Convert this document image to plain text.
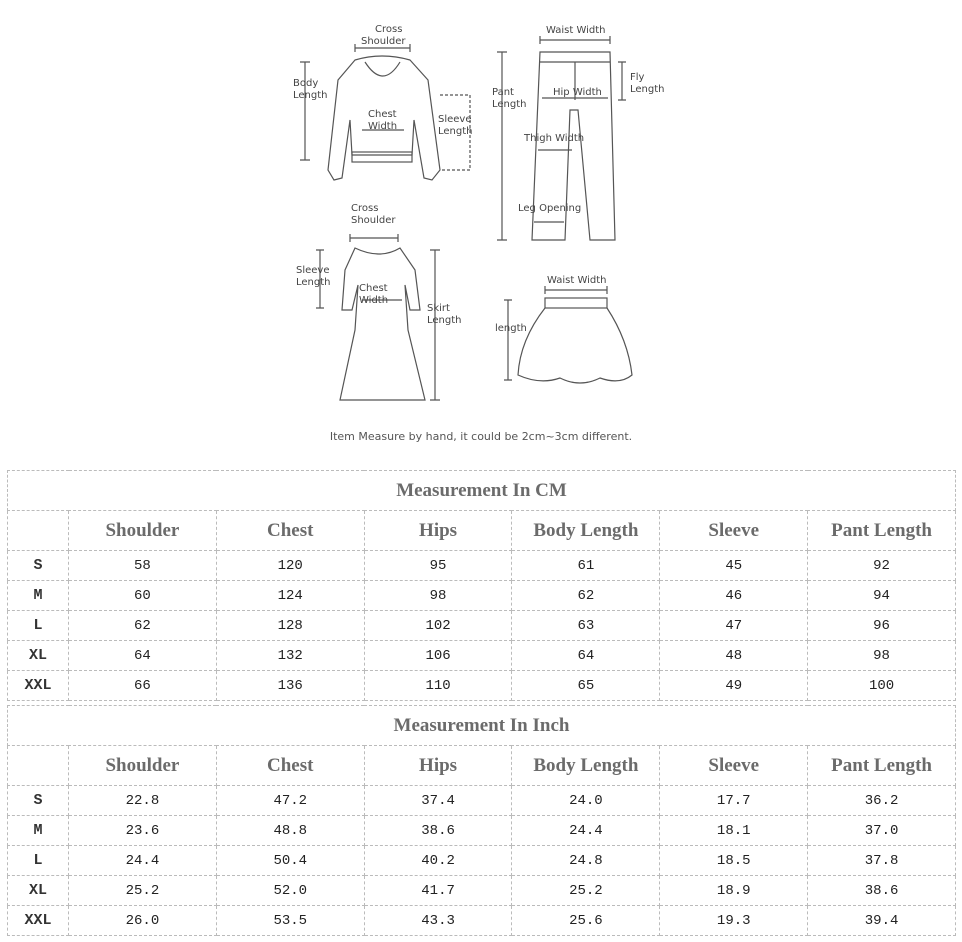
Cross
Shoulder
Body
Length
Chest
Width
Sleeve
Length
Waist Width
Pant
Length
Fly
Length
Hip Width
Thigh Width
Leg Opening
Cross
Shoulder
Sleeve
Length
Chest
Width
Skirt
Length
Waist Width
length
Item Measure by hand, it could be 2cm~3cm different.
Measurement In CM						
	Shoulder	Chest	Hips	Body Length	Sleeve	Pant Length
S	58	120	95	61	45	92
M	60	124	98	62	46	94
L	62	128	102	63	47	96
XL	64	132	106	64	48	98
XXL	66	136	110	65	49	100
Measurement In Inch						
	Shoulder	Chest	Hips	Body Length	Sleeve	Pant Length
S	22.8	47.2	37.4	24.0	17.7	36.2
M	23.6	48.8	38.6	24.4	18.1	37.0
L	24.4	50.4	40.2	24.8	18.5	37.8
XL	25.2	52.0	41.7	25.2	18.9	38.6
XXL	26.0	53.5	43.3	25.6	19.3	39.4
